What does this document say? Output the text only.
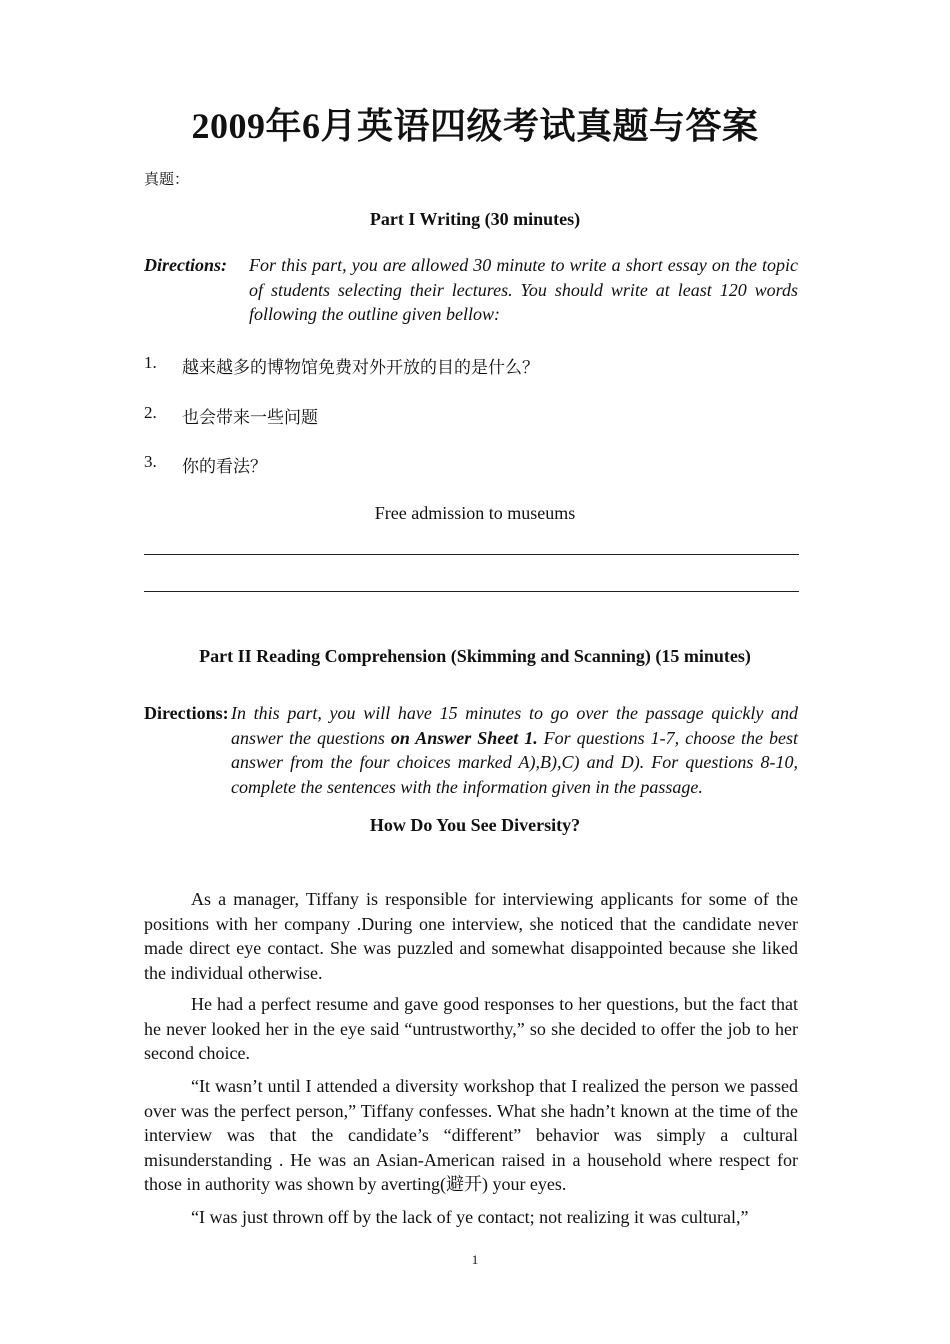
2009年6月英语四级考试真题与答案
真题：
Part I Writing (30 minutes)
Directions: For this part, you are allowed 30 minute to write a short essay on the topic of students selecting their lectures. You should write at least 120 words following the outline given bellow:
1. 越来越多的博物馆免费对外开放的目的是什么？
2. 也会带来一些问题
3. 你的看法？
Free admission to museums
Part II Reading Comprehension (Skimming and Scanning) (15 minutes)
Directions: In this part, you will have 15 minutes to go over the passage quickly and answer the questions on Answer Sheet 1. For questions 1-7, choose the best answer from the four choices marked A),B),C) and D). For questions 8-10, complete the sentences with the information given in the passage.
How Do You See Diversity?

As a manager, Tiffany is responsible for interviewing applicants for some of the positions with her company .During one interview, she noticed that the candidate never made direct eye contact. She was puzzled and somewhat disappointed because she liked the individual otherwise.

He had a perfect resume and gave good responses to her questions, but the fact that he never looked her in the eye said “untrustworthy,” so she decided to offer the job to her second choice.

“It wasn’t until I attended a diversity workshop that I realized the person we passed over was the perfect person,” Tiffany confesses. What she hadn’t known at the time of the interview was that the candidate’s “different” behavior was simply a cultural misunderstanding . He was an Asian-American raised in a household where respect for those in authority was shown by averting(避开) your eyes.

“I was just thrown off by the lack of ye contact; not realizing it was cultural,”

1
